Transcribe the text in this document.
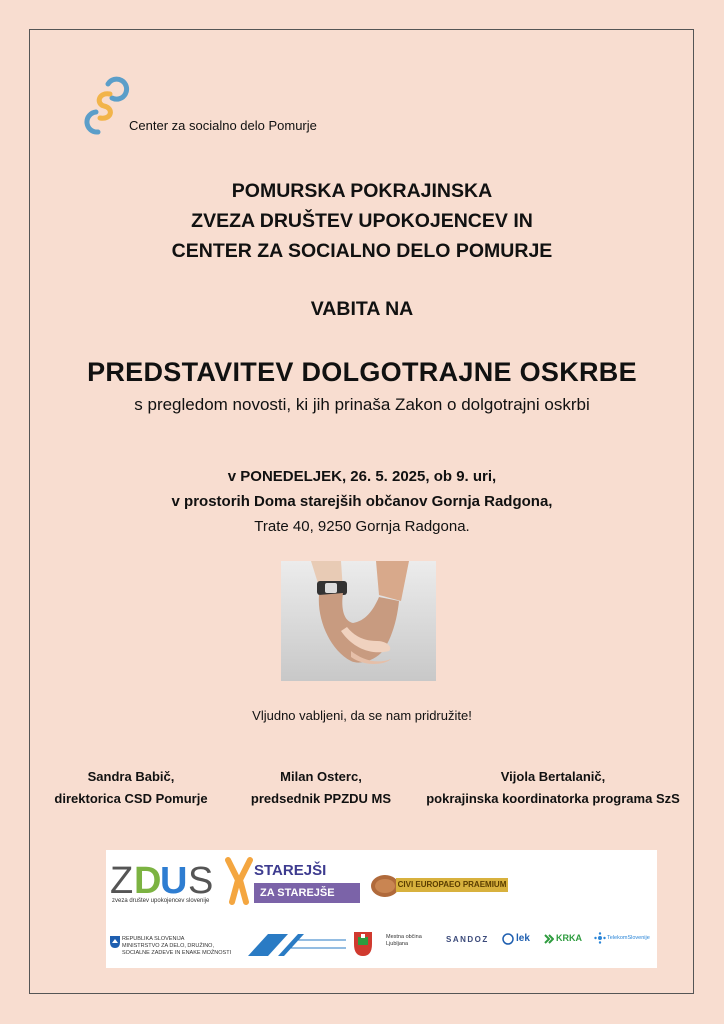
Center za socialno delo Pomurje
POMURSKA POKRAJINSKA
ZVEZA DRUŠTEV UPOKOJENCEV IN
CENTER ZA SOCIALNO DELO POMURJE
VABITA NA
PREDSTAVITEV DOLGOTRAJNE OSKRBE
s pregledom novosti, ki jih prinaša Zakon o dolgotrajni oskrbi
v PONEDELJEK, 26. 5. 2025, ob 9. uri,
v prostorih Doma starejših občanov Gornja Radgona,
Trate 40, 9250 Gornja Radgona.
Vljudno vabljeni, da se nam pridružite!
Sandra Babič,
direktorica CSD Pomurje
Milan Osterc,
predsednik PPZDU MS
Vijola Bertalanič,
pokrajinska koordinatorka programa SzS
Z D
U S
zveza društev upokojencev slovenije
STAREJŠI
ZA STAREJŠE
CIVI EUROPAEO PRAEMIUM
REPUBLIKA SLOVENIJA
MINISTRSTVO ZA DELO, DRUŽINO,
SOCIALNE ZADEVE IN ENAKE MOŽNOSTI
Mestna občina
Ljubljana	SANDOZ	lek	KRKA	TelekomSlovenije
